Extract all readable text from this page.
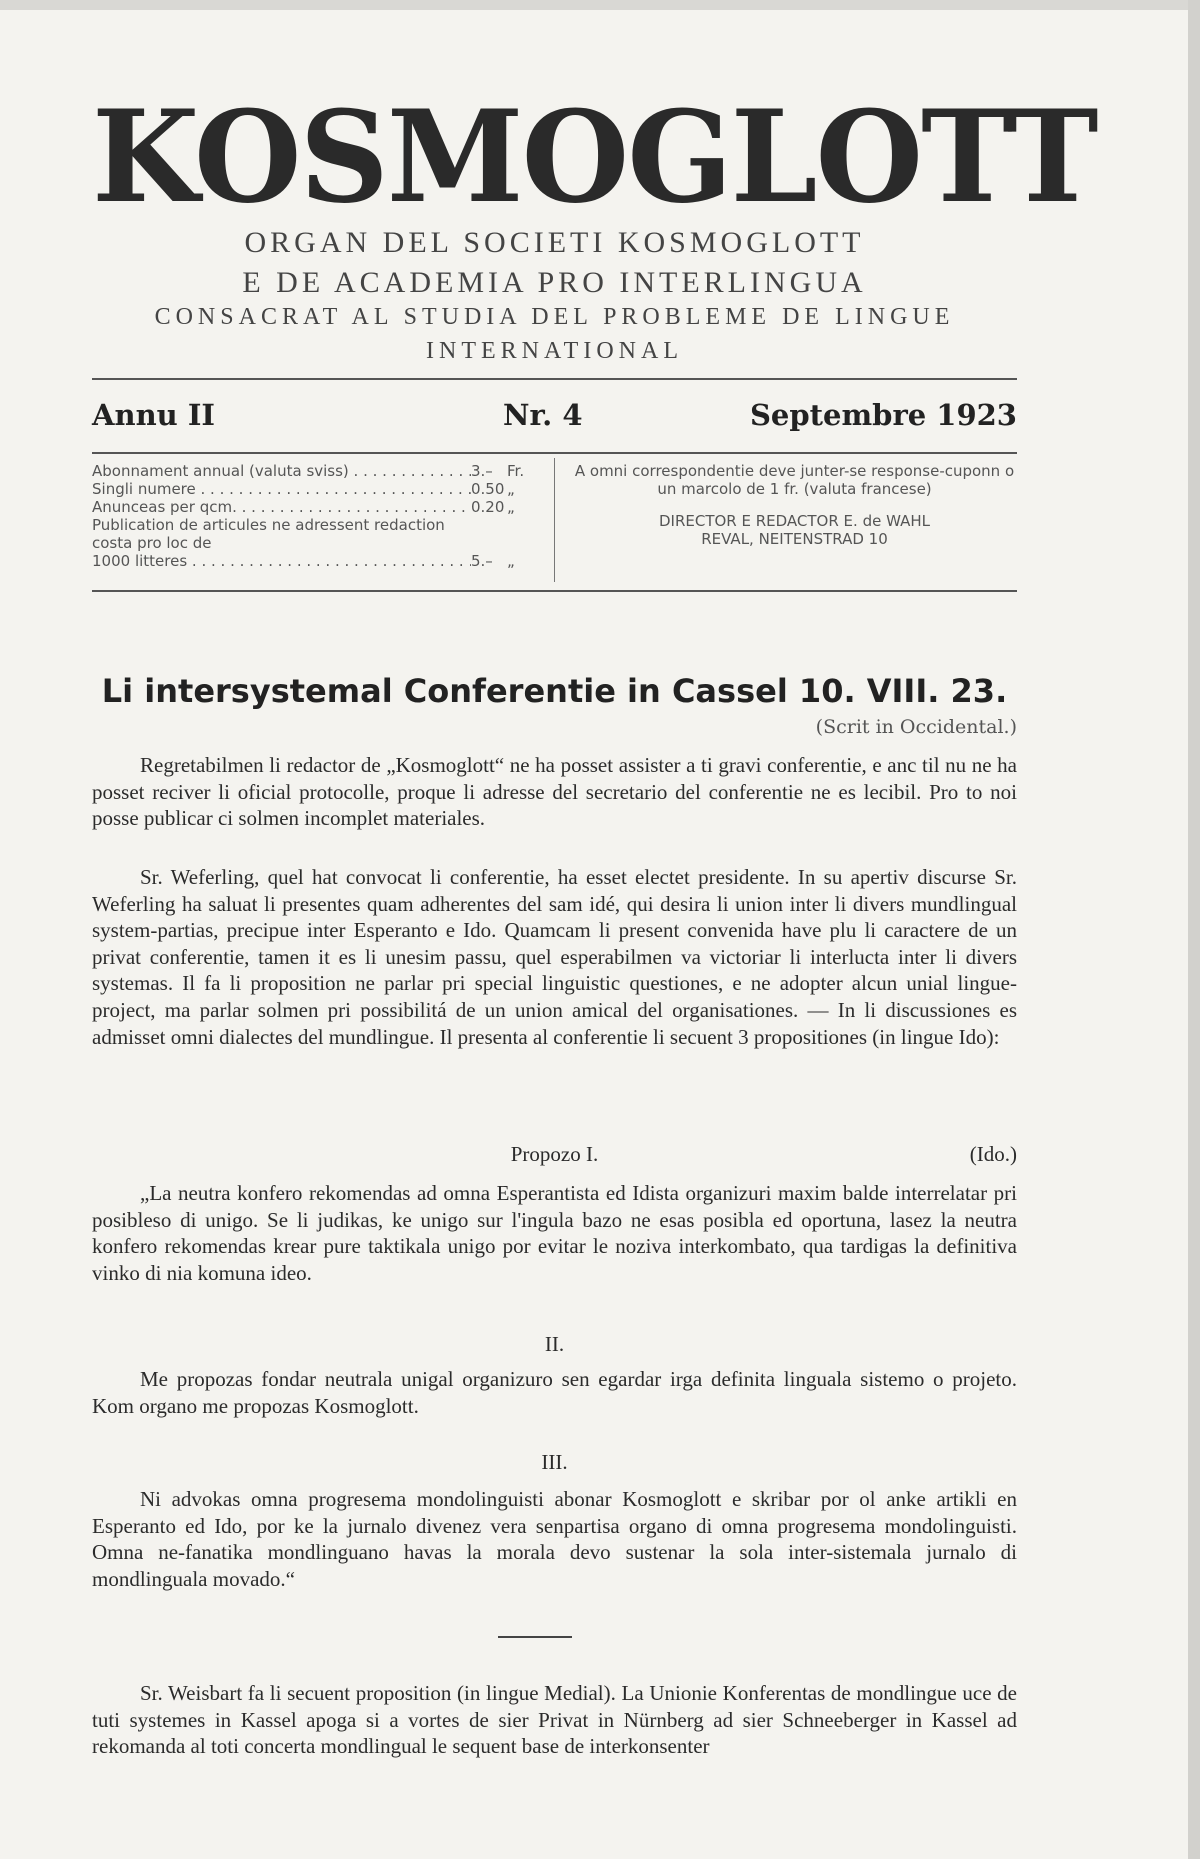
KOSMOGLOTT
ORGAN DEL SOCIETI KOSMOGLOTT
E DE ACADEMIA PRO INTERLINGUA
CONSACRAT AL STUDIA DEL PROBLEME DE LINGUE
INTERNATIONAL
Annu II	Nr. 4	Septembre 1923
Abonnament annual (valuta sviss) . . .	3.– Fr.
Singli numere . . .	0.50 „
Anunceas per qcm. . . .	0.20 „
Publication de articules ne adressent redaction costa pro loc de
1000 litteres . . .	5.– „
A omni correspondentie deve junter-se response-cuponn o un marcolo de 1 fr. (valuta francese)
DIRECTOR E REDACTOR E. de WAHL
REVAL, NEITENSTRAD 10
Li intersystemal Conferentie in Cassel 10. VIII. 23.
(Scrit in Occidental.)

Regretabilmen li redactor de „Kosmoglott“ ne ha posset assister a ti gravi conferentie, e anc til nu ne ha posset reciver li oficial protocolle, proque li adresse del secretario del conferentie ne es lecibil. Pro to noi posse publicar ci solmen incomplet materiales.

Sr. Weferling, quel hat convocat li conferentie, ha esset electet presidente. In su apertiv discurse Sr. Weferling ha saluat li presentes quam adherentes del sam idé, qui desira li union inter li divers mundlingual system-partias, precipue inter Esperanto e Ido. Quamcam li present convenida have plu li caractere de un privat conferentie, tamen it es li unesim passu, quel esperabilmen va victoriar li interlucta inter li divers systemas. Il fa li proposition ne parlar pri special linguistic questiones, e ne adopter alcun unial lingue-project, ma parlar solmen pri possibilitá de un union amical del organisationes. — In li discussiones es admisset omni dialectes del mundlingue. Il presenta al conferentie li secuent 3 propositiones (in lingue Ido):

Propozo I.	(Ido.)

„La neutra konfero rekomendas ad omna Esperantista ed Idista organizuri maxim balde interrelatar pri posibleso di unigo. Se li judikas, ke unigo sur l'ingula bazo ne esas posibla ed oportuna, lasez la neutra konfero rekomendas krear pure taktikala unigo por evitar le noziva interkombato, qua tardigas la definitiva vinko di nia komuna ideo.

II.

Me propozas fondar neutrala unigal organizuro sen egardar irga definita linguala sistemo o projeto. Kom organo me propozas Kosmoglott.

III.

Ni advokas omna progresema mondolinguisti abonar Kosmoglott e skribar por ol anke artikli en Esperanto ed Ido, por ke la jurnalo divenez vera senpartisa organo di omna progresema mondolinguisti. Omna ne-fanatika mondlinguano havas la morala devo sustenar la sola inter-sistemala jurnalo di mondlinguala movado.“

Sr. Weisbart fa li secuent proposition (in lingue Medial). La Unionie Konferentas de mondlingue uce de tuti systemes in Kassel apoga si a vortes de sier Privat in Nürnberg ad sier Schneeberger in Kassel ad rekomanda al toti concerta mondlingual le sequent base de interkonsenter
